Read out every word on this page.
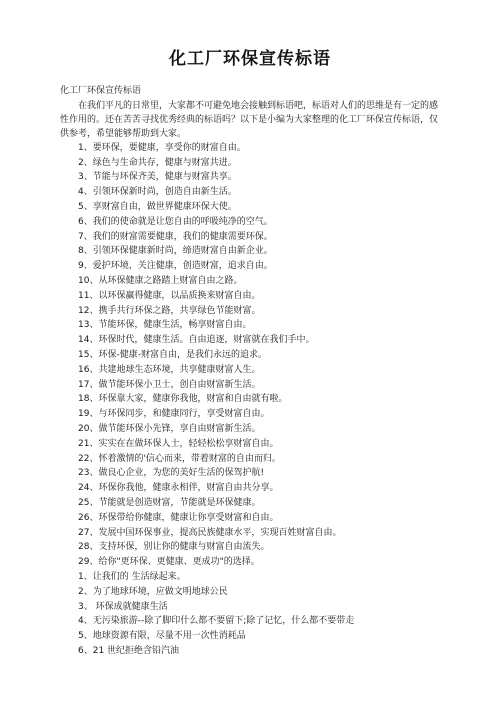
化工厂环保宣传标语

化工厂环保宣传标语

在我们平凡的日常里，大家都不可避免地会接触到标语吧，标语对人们的思维是有一定的感性作用的。还在苦苦寻找优秀经典的标语吗？以下是小编为大家整理的化工厂环保宣传标语，仅供参考，希望能够帮助到大家。

1、要环保，要健康，享受你的财富自由。
2、绿色与生命共存，健康与财富共进。
3、节能与环保齐美，健康与财富共享。
4、引领环保新时尚，创造自由新生活。
5、享财富自由，做世界健康环保大使。
6、我们的使命就是让您自由的呼吸纯净的空气。
7、我们的财富需要健康，我们的健康需要环保。
8、引领环保健康新时尚，缔造财富自由新企业。
9、爱护环境，关注健康，创造财富，追求自由。
10、从环保健康之路踏上财富自由之路。
11、以环保赢得健康，以品质换来财富自由。
12、携手共行环保之路，共享绿色节能财富。
13、节能环保，健康生活，畅享财富自由。
14、环保时代，健康生活。自由追逐，财富就在我们手中。
15、环保-健康-财富自由，是我们永远的追求。
16、共建地球生态环境，共享健康财富人生。
17、做节能环保小卫士，创自由财富新生活。
18、环保靠大家，健康你我他，财富和自由就有啦。
19、与环保同步，和健康同行，享受财富自由。
20、做节能环保小先锋，享自由财富新生活。
21、实实在在做环保人士，轻轻松松享财富自由。
22、怀着激情的'信心而来，带着财富的自由而归。
23、做良心企业，为您的美好生活的保驾护航!
24、环保你我他，健康永相伴，财富自由共分享。
25、节能就是创造财富，节能就是环保健康。
26、环保带给你健康，健康让你享受财富和自由。
27、发展中国环保事业，提高民族健康水平，实现百姓财富自由。
28、支持环保，别让你的健康与财富自由流失。
29、给你"更环保、更健康、更成功"的选择。
1、让我们的 生活绿起来。
2、为了地球环境，应做文明地球公民
3、 环保成就健康生活
4、无污染旅游--除了脚印什么都不要留下;除了记忆，什么都不要带走
5、地球资源有限，尽量不用一次性消耗品
6、21 世纪拒绝含铅汽油
